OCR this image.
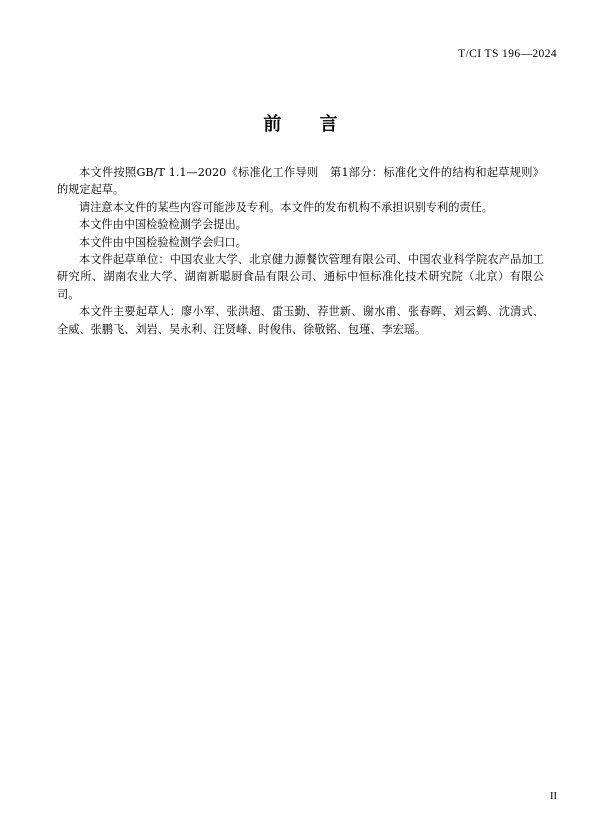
T/CI TS 196—2024
前 言

本文件按照GB/T 1.1—2020《标准化工作导则　第1部分：标准化文件的结构和起草规则》的规定起草。

请注意本文件的某些内容可能涉及专利。本文件的发布机构不承担识别专利的责任。

本文件由中国检验检测学会提出。

本文件由中国检验检测学会归口。

本文件起草单位：中国农业大学、北京健力源餐饮管理有限公司、中国农业科学院农产品加工研究所、湖南农业大学、湖南新聪厨食品有限公司、通标中恒标准化技术研究院（北京）有限公司。

本文件主要起草人：廖小军、张洪超、雷玉勤、荐世新、谢水甫、张春晖、刘云鹤、沈清式、全威、张鹏飞、刘岩、吴永利、汪贤峰、时俊伟、徐敬铭、包瑾、李宏瑶。

II
